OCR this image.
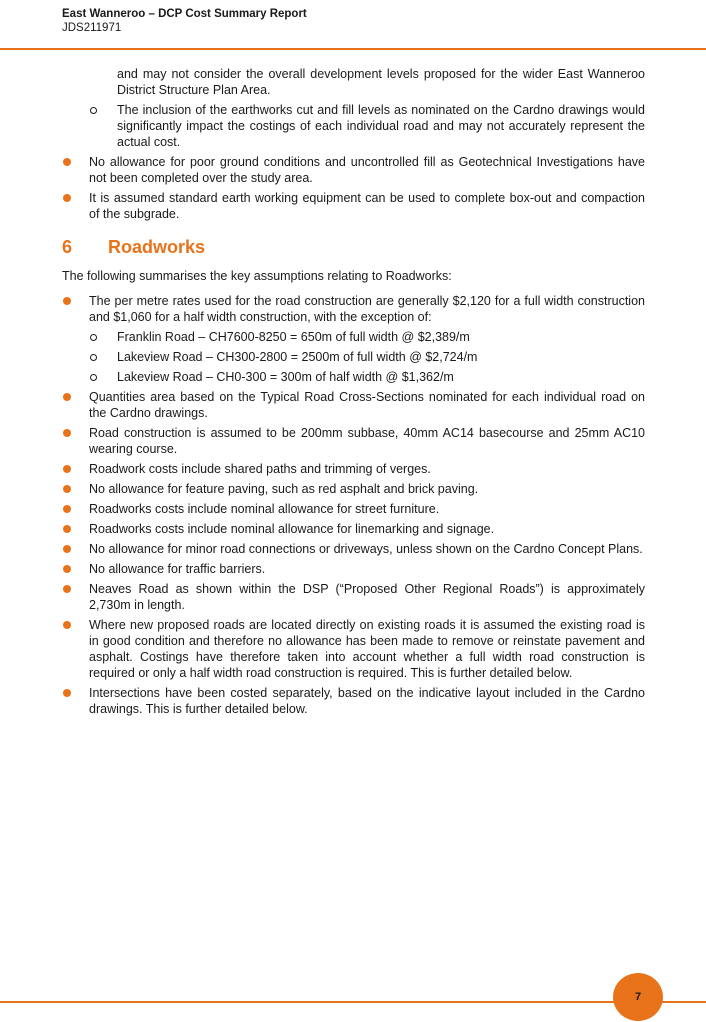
East Wanneroo – DCP Cost Summary Report
JDS211971
and may not consider the overall development levels proposed for the wider East Wanneroo District Structure Plan Area.
The inclusion of the earthworks cut and fill levels as nominated on the Cardno drawings would significantly impact the costings of each individual road and may not accurately represent the actual cost.
No allowance for poor ground conditions and uncontrolled fill as Geotechnical Investigations have not been completed over the study area.
It is assumed standard earth working equipment can be used to complete box-out and compaction of the subgrade.
6	Roadworks

The following summarises the key assumptions relating to Roadworks:

The per metre rates used for the road construction are generally $2,120 for a full width construction and $1,060 for a half width construction, with the exception of:
Franklin Road – CH7600-8250 = 650m of full width @ $2,389/m
Lakeview Road – CH300-2800 = 2500m of full width @ $2,724/m
Lakeview Road – CH0-300 = 300m of half width @ $1,362/m
Quantities area based on the Typical Road Cross-Sections nominated for each individual road on the Cardno drawings.
Road construction is assumed to be 200mm subbase, 40mm AC14 basecourse and 25mm AC10 wearing course.
Roadwork costs include shared paths and trimming of verges.
No allowance for feature paving, such as red asphalt and brick paving.
Roadworks costs include nominal allowance for street furniture.
Roadworks costs include nominal allowance for linemarking and signage.
No allowance for minor road connections or driveways, unless shown on the Cardno Concept Plans.
No allowance for traffic barriers.
Neaves Road as shown within the DSP (“Proposed Other Regional Roads”) is approximately 2,730m in length.
Where new proposed roads are located directly on existing roads it is assumed the existing road is in good condition and therefore no allowance has been made to remove or reinstate pavement and asphalt. Costings have therefore taken into account whether a full width road construction is required or only a half width road construction is required. This is further detailed below.
Intersections have been costed separately, based on the indicative layout included in the Cardno drawings. This is further detailed below.
7
